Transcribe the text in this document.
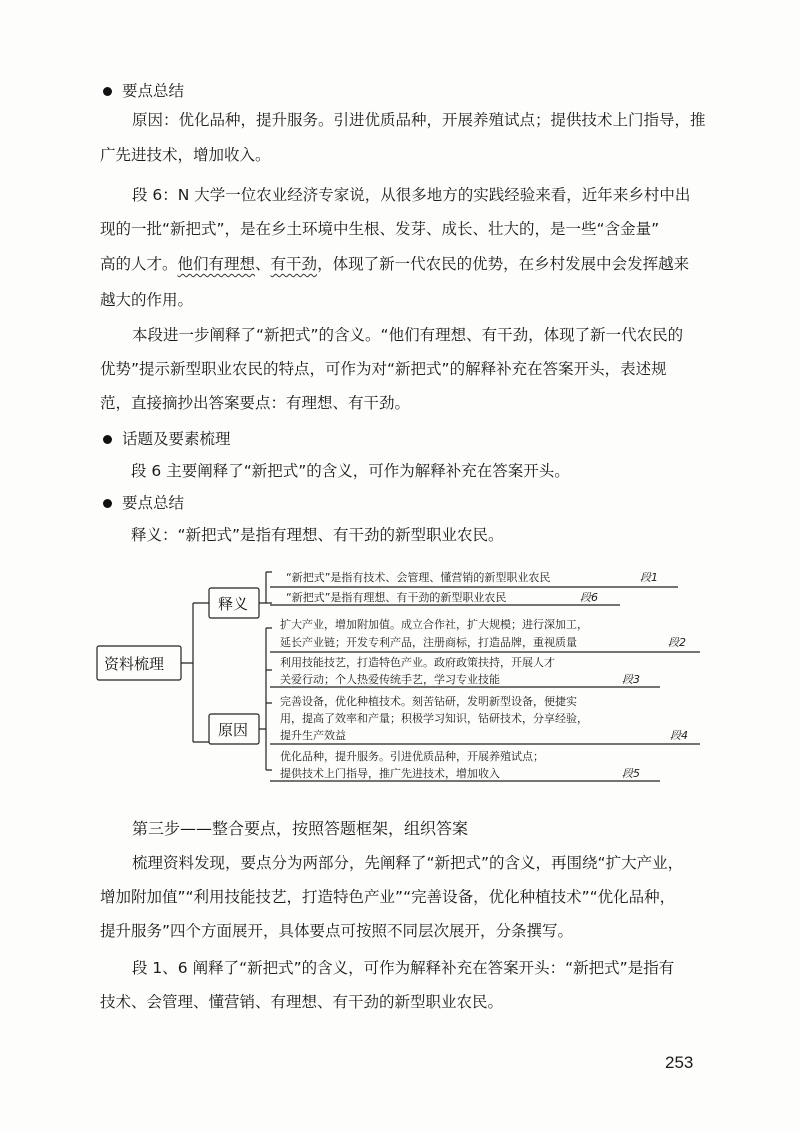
要点总结
原因：优化品种，提升服务。引进优质品种，开展养殖试点；提供技术上门指导，推
广先进技术，增加收入。
段 6：N 大学一位农业经济专家说，从很多地方的实践经验来看，近年来乡村中出
现的一批“新把式”，是在乡土环境中生根、发芽、成长、壮大的，是一些“含金量”
高的人才。他们有理想、有干劲，体现了新一代农民的优势，在乡村发展中会发挥越来
越大的作用。
本段进一步阐释了“新把式”的含义。“他们有理想、有干劲，体现了新一代农民的
优势”提示新型职业农民的特点，可作为对“新把式”的解释补充在答案开头，表述规
范，直接摘抄出答案要点：有理想、有干劲。
话题及要素梳理
段 6 主要阐释了“新把式”的含义，可作为解释补充在答案开头。
要点总结
释义：“新把式”是指有理想、有干劲的新型职业农民。
资料梳理
释义
原因
“新把式”是指有技术、会管理、懂营销的新型职业农民	段1
“新把式”是指有理想、有干劲的新型职业农民	段6
扩大产业，增加附加值。成立合作社，扩大规模；进行深加工，
延长产业链；开发专利产品，注册商标，打造品牌，重视质量	段2
利用技能技艺，打造特色产业。政府政策扶持，开展人才
关爱行动；个人热爱传统手艺，学习专业技能	段3
完善设备，优化种植技术。刻苦钻研，发明新型设备，便捷实
用，提高了效率和产量；积极学习知识，钻研技术，分享经验，
提升生产效益	段4
优化品种，提升服务。引进优质品种，开展养殖试点；
提供技术上门指导，推广先进技术，增加收入	段5
第三步——整合要点，按照答题框架，组织答案
梳理资料发现，要点分为两部分，先阐释了“新把式”的含义，再围绕“扩大产业，
增加附加值”“利用技能技艺，打造特色产业”“完善设备，优化种植技术”“优化品种，
提升服务”四个方面展开，具体要点可按照不同层次展开，分条撰写。
段 1、6 阐释了“新把式”的含义，可作为解释补充在答案开头：“新把式”是指有
技术、会管理、懂营销、有理想、有干劲的新型职业农民。
253
